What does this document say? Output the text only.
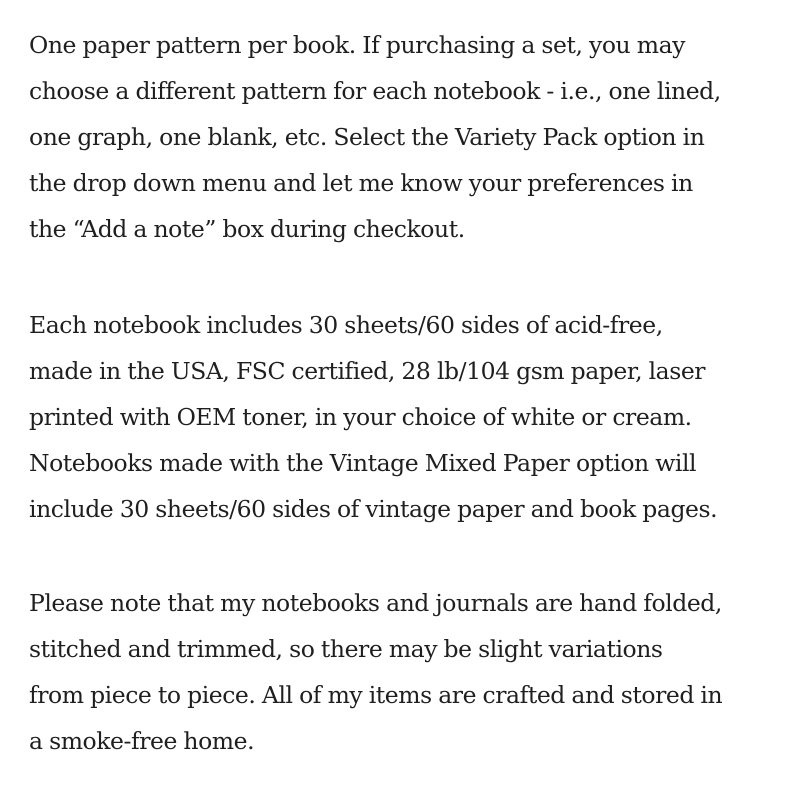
One paper pattern per book. If purchasing a set, you may
choose a different pattern for each notebook - i.e., one lined,
one graph, one blank, etc. Select the Variety Pack option in
the drop down menu and let me know your preferences in
the “Add a note” box during checkout.

Each notebook includes 30 sheets/60 sides of acid-free,
made in the USA, FSC certified, 28 lb/104 gsm paper, laser
printed with OEM toner, in your choice of white or cream.
Notebooks made with the Vintage Mixed Paper option will
include 30 sheets/60 sides of vintage paper and book pages.

Please note that my notebooks and journals are hand folded,
stitched and trimmed, so there may be slight variations
from piece to piece. All of my items are crafted and stored in
a smoke-free home.
